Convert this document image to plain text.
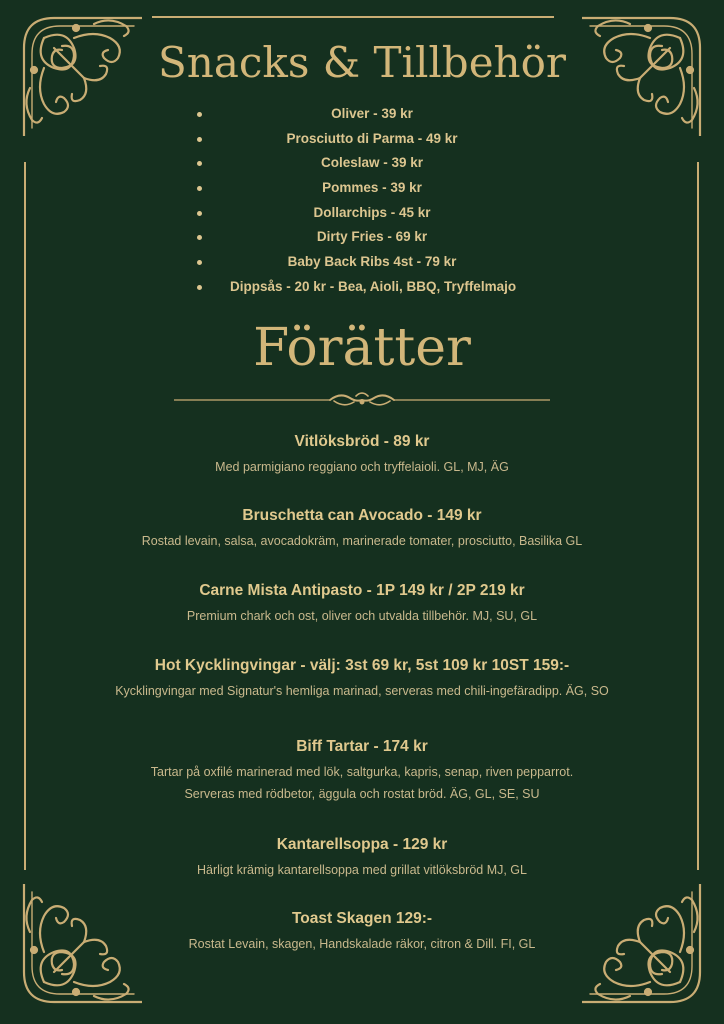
Snacks & Tillbehör
Oliver - 39 kr
Prosciutto di Parma - 49 kr
Coleslaw - 39 kr
Pommes - 39 kr
Dollarchips - 45 kr
Dirty Fries - 69 kr
Baby Back Ribs 4st - 79 kr
Dippsås - 20 kr - Bea, Aioli, BBQ, Tryffelmajo
Förätter
Vitlöksbröd - 89 kr
Med parmigiano reggiano och tryffelaioli. GL, MJ, ÄG
Bruschetta can Avocado - 149 kr
Rostad levain, salsa, avocadokräm, marinerade tomater, prosciutto, Basilika GL
Carne Mista Antipasto - 1P 149 kr / 2P 219 kr
Premium chark och ost, oliver och utvalda tillbehör. MJ, SU, GL
Hot Kycklingvingar - välj: 3st 69 kr, 5st 109 kr 10ST 159:-
Kycklingvingar med Signatur's hemliga marinad, serveras med chili-ingefäradipp. ÄG, SO
Biff Tartar - 174 kr
Tartar på oxfilé marinerad med lök, saltgurka, kapris, senap, riven pepparrot.
Serveras med rödbetor, äggula och rostat bröd. ÄG, GL, SE, SU
Kantarellsoppa - 129 kr
Härligt krämig kantarellsoppa med grillat vitlöksbröd MJ, GL
Toast Skagen 129:-
Rostat Levain, skagen, Handskalade räkor, citron & Dill. FI, GL
